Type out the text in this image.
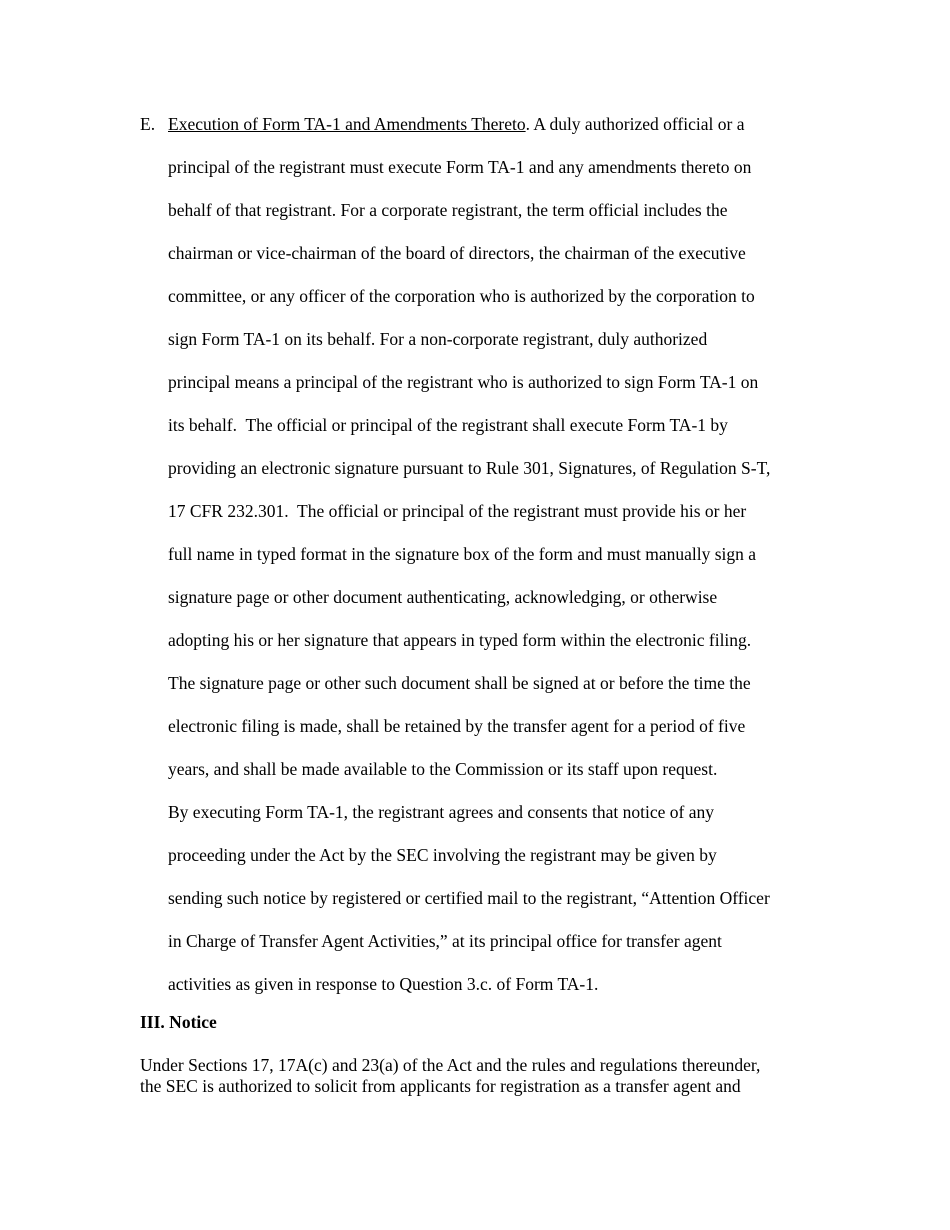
E. Execution of Form TA-1 and Amendments Thereto. A duly authorized official or a
principal of the registrant must execute Form TA-1 and any amendments thereto on
behalf of that registrant. For a corporate registrant, the term official includes the
chairman or vice-chairman of the board of directors, the chairman of the executive
committee, or any officer of the corporation who is authorized by the corporation to
sign Form TA-1 on its behalf. For a non-corporate registrant, duly authorized
principal means a principal of the registrant who is authorized to sign Form TA-1 on
its behalf.  The official or principal of the registrant shall execute Form TA-1 by
providing an electronic signature pursuant to Rule 301, Signatures, of Regulation S-T,
17 CFR 232.301.  The official or principal of the registrant must provide his or her
full name in typed format in the signature box of the form and must manually sign a
signature page or other document authenticating, acknowledging, or otherwise
adopting his or her signature that appears in typed form within the electronic filing.
The signature page or other such document shall be signed at or before the time the
electronic filing is made, shall be retained by the transfer agent for a period of five
years, and shall be made available to the Commission or its staff upon request.
By executing Form TA-1, the registrant agrees and consents that notice of any
proceeding under the Act by the SEC involving the registrant may be given by
sending such notice by registered or certified mail to the registrant, “Attention Officer
in Charge of Transfer Agent Activities,” at its principal office for transfer agent
activities as given in response to Question 3.c. of Form TA-1.
III. Notice
Under Sections 17, 17A(c) and 23(a) of the Act and the rules and regulations thereunder,
the SEC is authorized to solicit from applicants for registration as a transfer agent and
